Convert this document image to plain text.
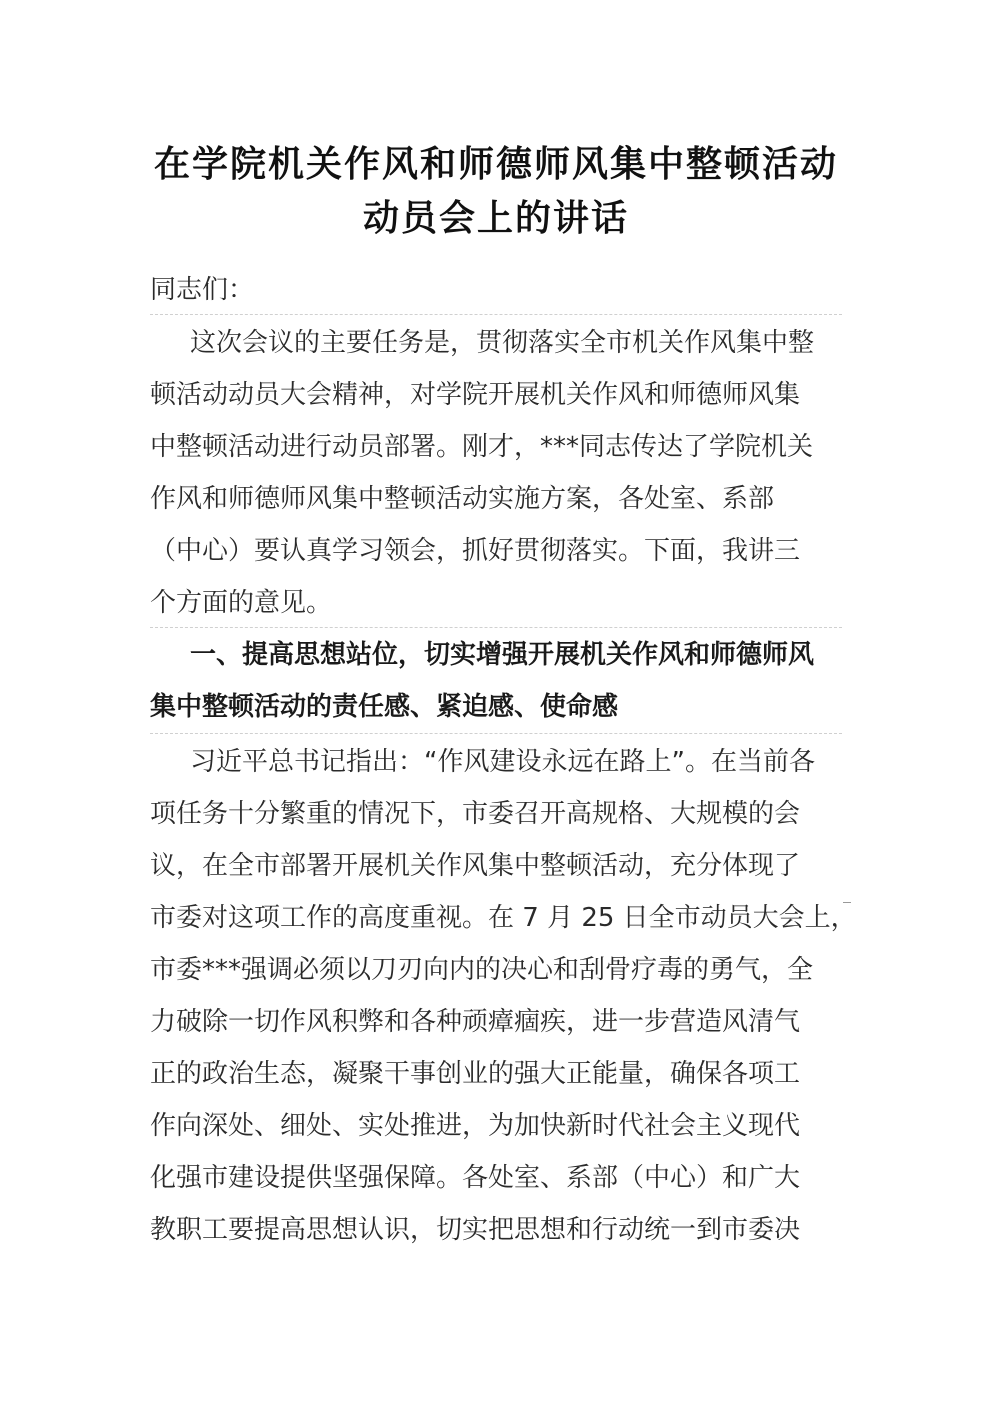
在学院机关作风和师德师风集中整顿活动
动员会上的讲话
同志们：
这次会议的主要任务是，贯彻落实全市机关作风集中整
顿活动动员大会精神，对学院开展机关作风和师德师风集
中整顿活动进行动员部署。刚才，***同志传达了学院机关
作风和师德师风集中整顿活动实施方案，各处室、系部
（中心）要认真学习领会，抓好贯彻落实。下面，我讲三
个方面的意见。
一、提高思想站位，切实增强开展机关作风和师德师风
集中整顿活动的责任感、紧迫感、使命感
习近平总书记指出：“作风建设永远在路上”。在当前各
项任务十分繁重的情况下，市委召开高规格、大规模的会
议，在全市部署开展机关作风集中整顿活动，充分体现了
市委对这项工作的高度重视。在 7 月 25 日全市动员大会上，
市委***强调必须以刀刃向内的决心和刮骨疗毒的勇气，全
力破除一切作风积弊和各种顽瘴痼疾，进一步营造风清气
正的政治生态，凝聚干事创业的强大正能量，确保各项工
作向深处、细处、实处推进，为加快新时代社会主义现代
化强市建设提供坚强保障。各处室、系部（中心）和广大
教职工要提高思想认识，切实把思想和行动统一到市委决
